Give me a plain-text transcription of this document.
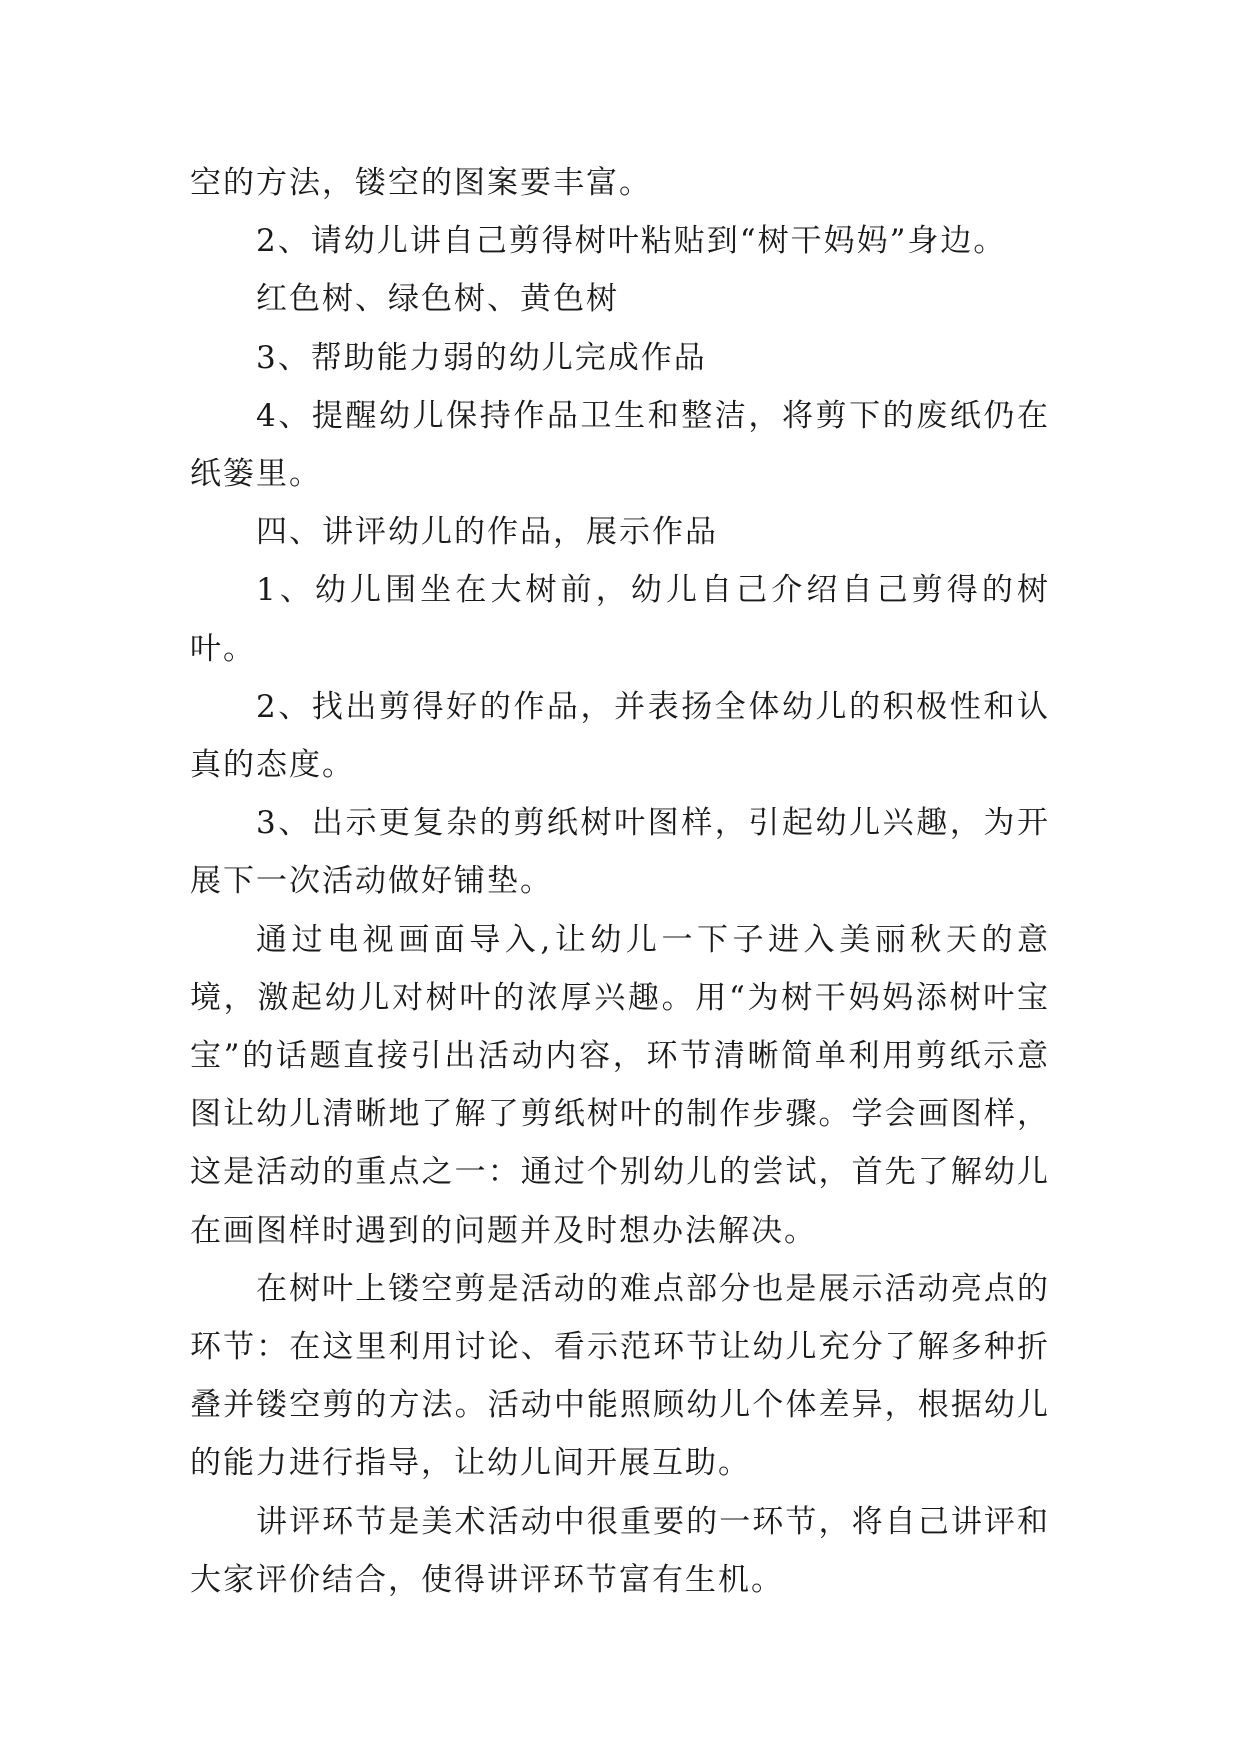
空的方法，镂空的图案要丰富。

2、请幼儿讲自己剪得树叶粘贴到“树干妈妈”身边。

红色树、绿色树、黄色树

3、帮助能力弱的幼儿完成作品

4、提醒幼儿保持作品卫生和整洁，将剪下的废纸仍在纸篓里。

四、讲评幼儿的作品，展示作品

1、幼儿围坐在大树前，幼儿自己介绍自己剪得的树叶。

2、找出剪得好的作品，并表扬全体幼儿的积极性和认真的态度。

3、出示更复杂的剪纸树叶图样，引起幼儿兴趣，为开展下一次活动做好铺垫。

通过电视画面导入,让幼儿一下子进入美丽秋天的意境，激起幼儿对树叶的浓厚兴趣。用“为树干妈妈添树叶宝宝”的话题直接引出活动内容，环节清晰简单利用剪纸示意图让幼儿清晰地了解了剪纸树叶的制作步骤。学会画图样，这是活动的重点之一：通过个别幼儿的尝试，首先了解幼儿在画图样时遇到的问题并及时想办法解决。

在树叶上镂空剪是活动的难点部分也是展示活动亮点的环节：在这里利用讨论、看示范环节让幼儿充分了解多种折叠并镂空剪的方法。活动中能照顾幼儿个体差异，根据幼儿的能力进行指导，让幼儿间开展互助。

讲评环节是美术活动中很重要的一环节，将自己讲评和大家评价结合，使得讲评环节富有生机。
